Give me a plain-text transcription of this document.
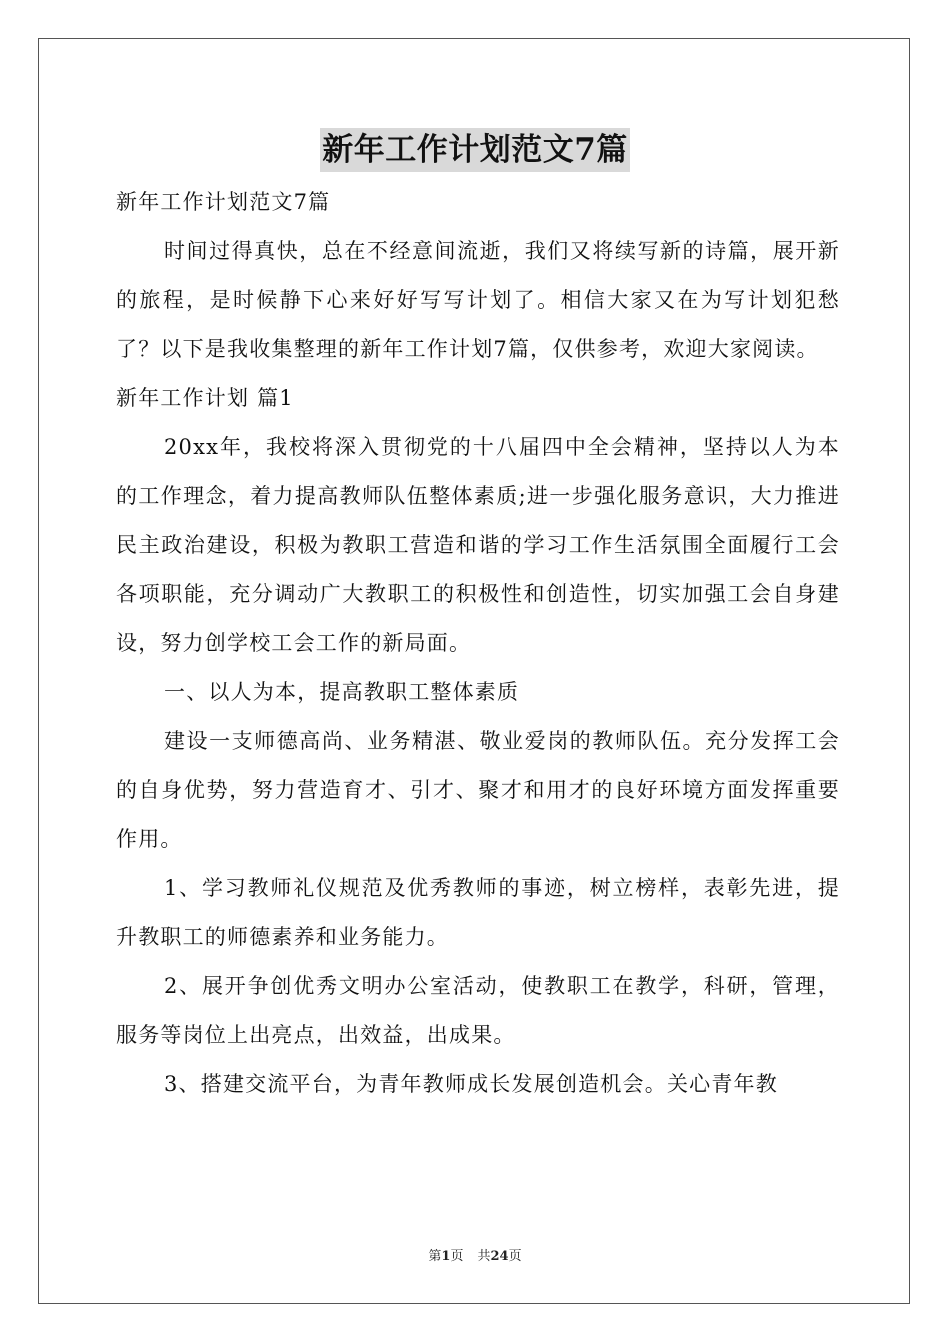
新年工作计划范文7篇

新年工作计划范文7篇

时间过得真快，总在不经意间流逝，我们又将续写新的诗篇，展开新的旅程，是时候静下心来好好写写计划了。相信大家又在为写计划犯愁了？以下是我收集整理的新年工作计划7篇，仅供参考，欢迎大家阅读。

新年工作计划 篇1

20xx年，我校将深入贯彻党的十八届四中全会精神，坚持以人为本的工作理念，着力提高教师队伍整体素质;进一步强化服务意识，大力推进民主政治建设，积极为教职工营造和谐的学习工作生活氛围全面履行工会各项职能，充分调动广大教职工的积极性和创造性，切实加强工会自身建设，努力创学校工会工作的新局面。

一、以人为本，提高教职工整体素质

建设一支师德高尚、业务精湛、敬业爱岗的教师队伍。充分发挥工会的自身优势，努力营造育才、引才、聚才和用才的良好环境方面发挥重要作用。

1、学习教师礼仪规范及优秀教师的事迹，树立榜样，表彰先进，提升教职工的师德素养和业务能力。

2、展开争创优秀文明办公室活动，使教职工在教学，科研，管理，服务等岗位上出亮点，出效益，出成果。

3、搭建交流平台，为青年教师成长发展创造机会。关心青年教

第1页 共24页
